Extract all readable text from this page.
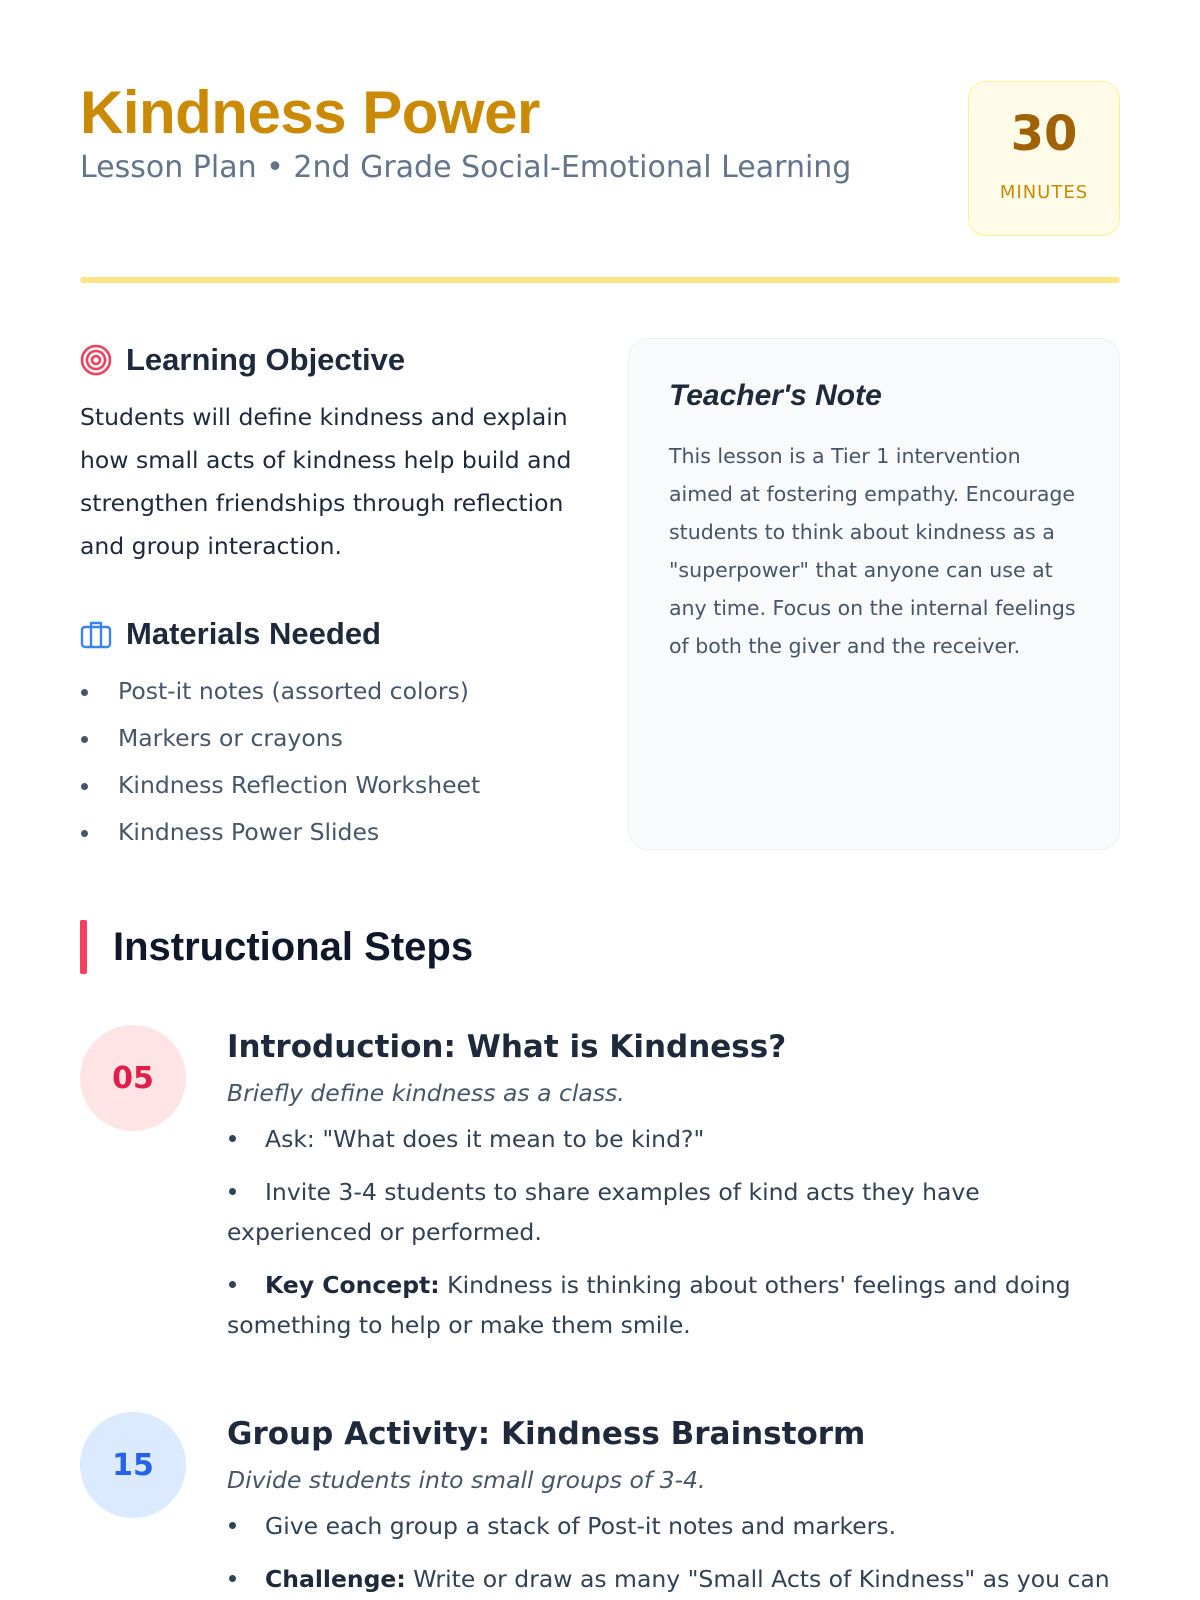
Kindness Power
Lesson Plan • 2nd Grade Social-Emotional Learning
30
MINUTES
Learning Objective

Students will define kindness and explain how small acts of kindness help build and strengthen friendships through reflection and group interaction.

Materials Needed
Post-it notes (assorted colors)
Markers or crayons
Kindness Reflection Worksheet
Kindness Power Slides
Teacher's Note

This lesson is a Tier 1 intervention aimed at fostering empathy. Encourage students to think about kindness as a "superpower" that anyone can use at any time. Focus on the internal feelings of both the giver and the receiver.

Instructional Steps
05
Introduction: What is Kindness?
Briefly define kindness as a class.
Ask: "What does it mean to be kind?"
Invite 3-4 students to share examples of kind acts they have experienced or performed.
Key Concept: Kindness is thinking about others' feelings and doing something to help or make them smile.
15
Group Activity: Kindness Brainstorm
Divide students into small groups of 3-4.
Give each group a stack of Post-it notes and markers.
Challenge: Write or draw as many "Small Acts of Kindness" as you can
